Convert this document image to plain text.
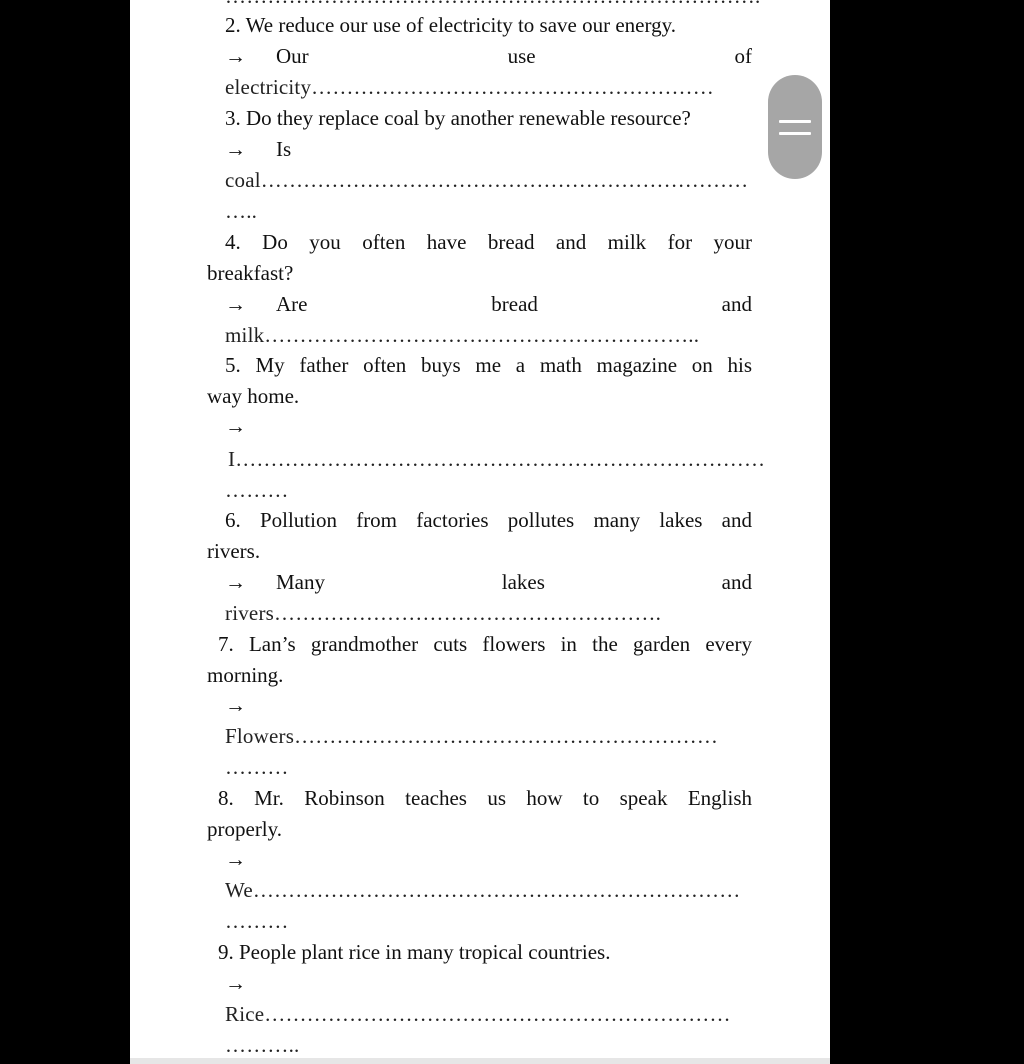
2. We reduce our use of electricity to save our energy.
→ Our	use	of
electricity…………………………………………………
3. Do they replace coal by another renewable resource?
→ Is
coal……………………………………………………………
…..
4. Do you often have bread and milk for your
breakfast?
→ Are	bread	and
milk……………………………………………………..
5. My father often buys me a math magazine on his
way home.
→
I…………………………………………………………………
………
6. Pollution from factories pollutes many lakes and
rivers.
→ Many	lakes	and
rivers……………………………………………….
7. Lan’s grandmother cuts flowers in the garden every
morning.
→
Flowers……………………………………………………
………
8. Mr. Robinson teaches us how to speak English
properly.
→
We……………………………………………………………
………
9. People plant rice in many tropical countries.
→
Rice…………………………………………………………
………..
